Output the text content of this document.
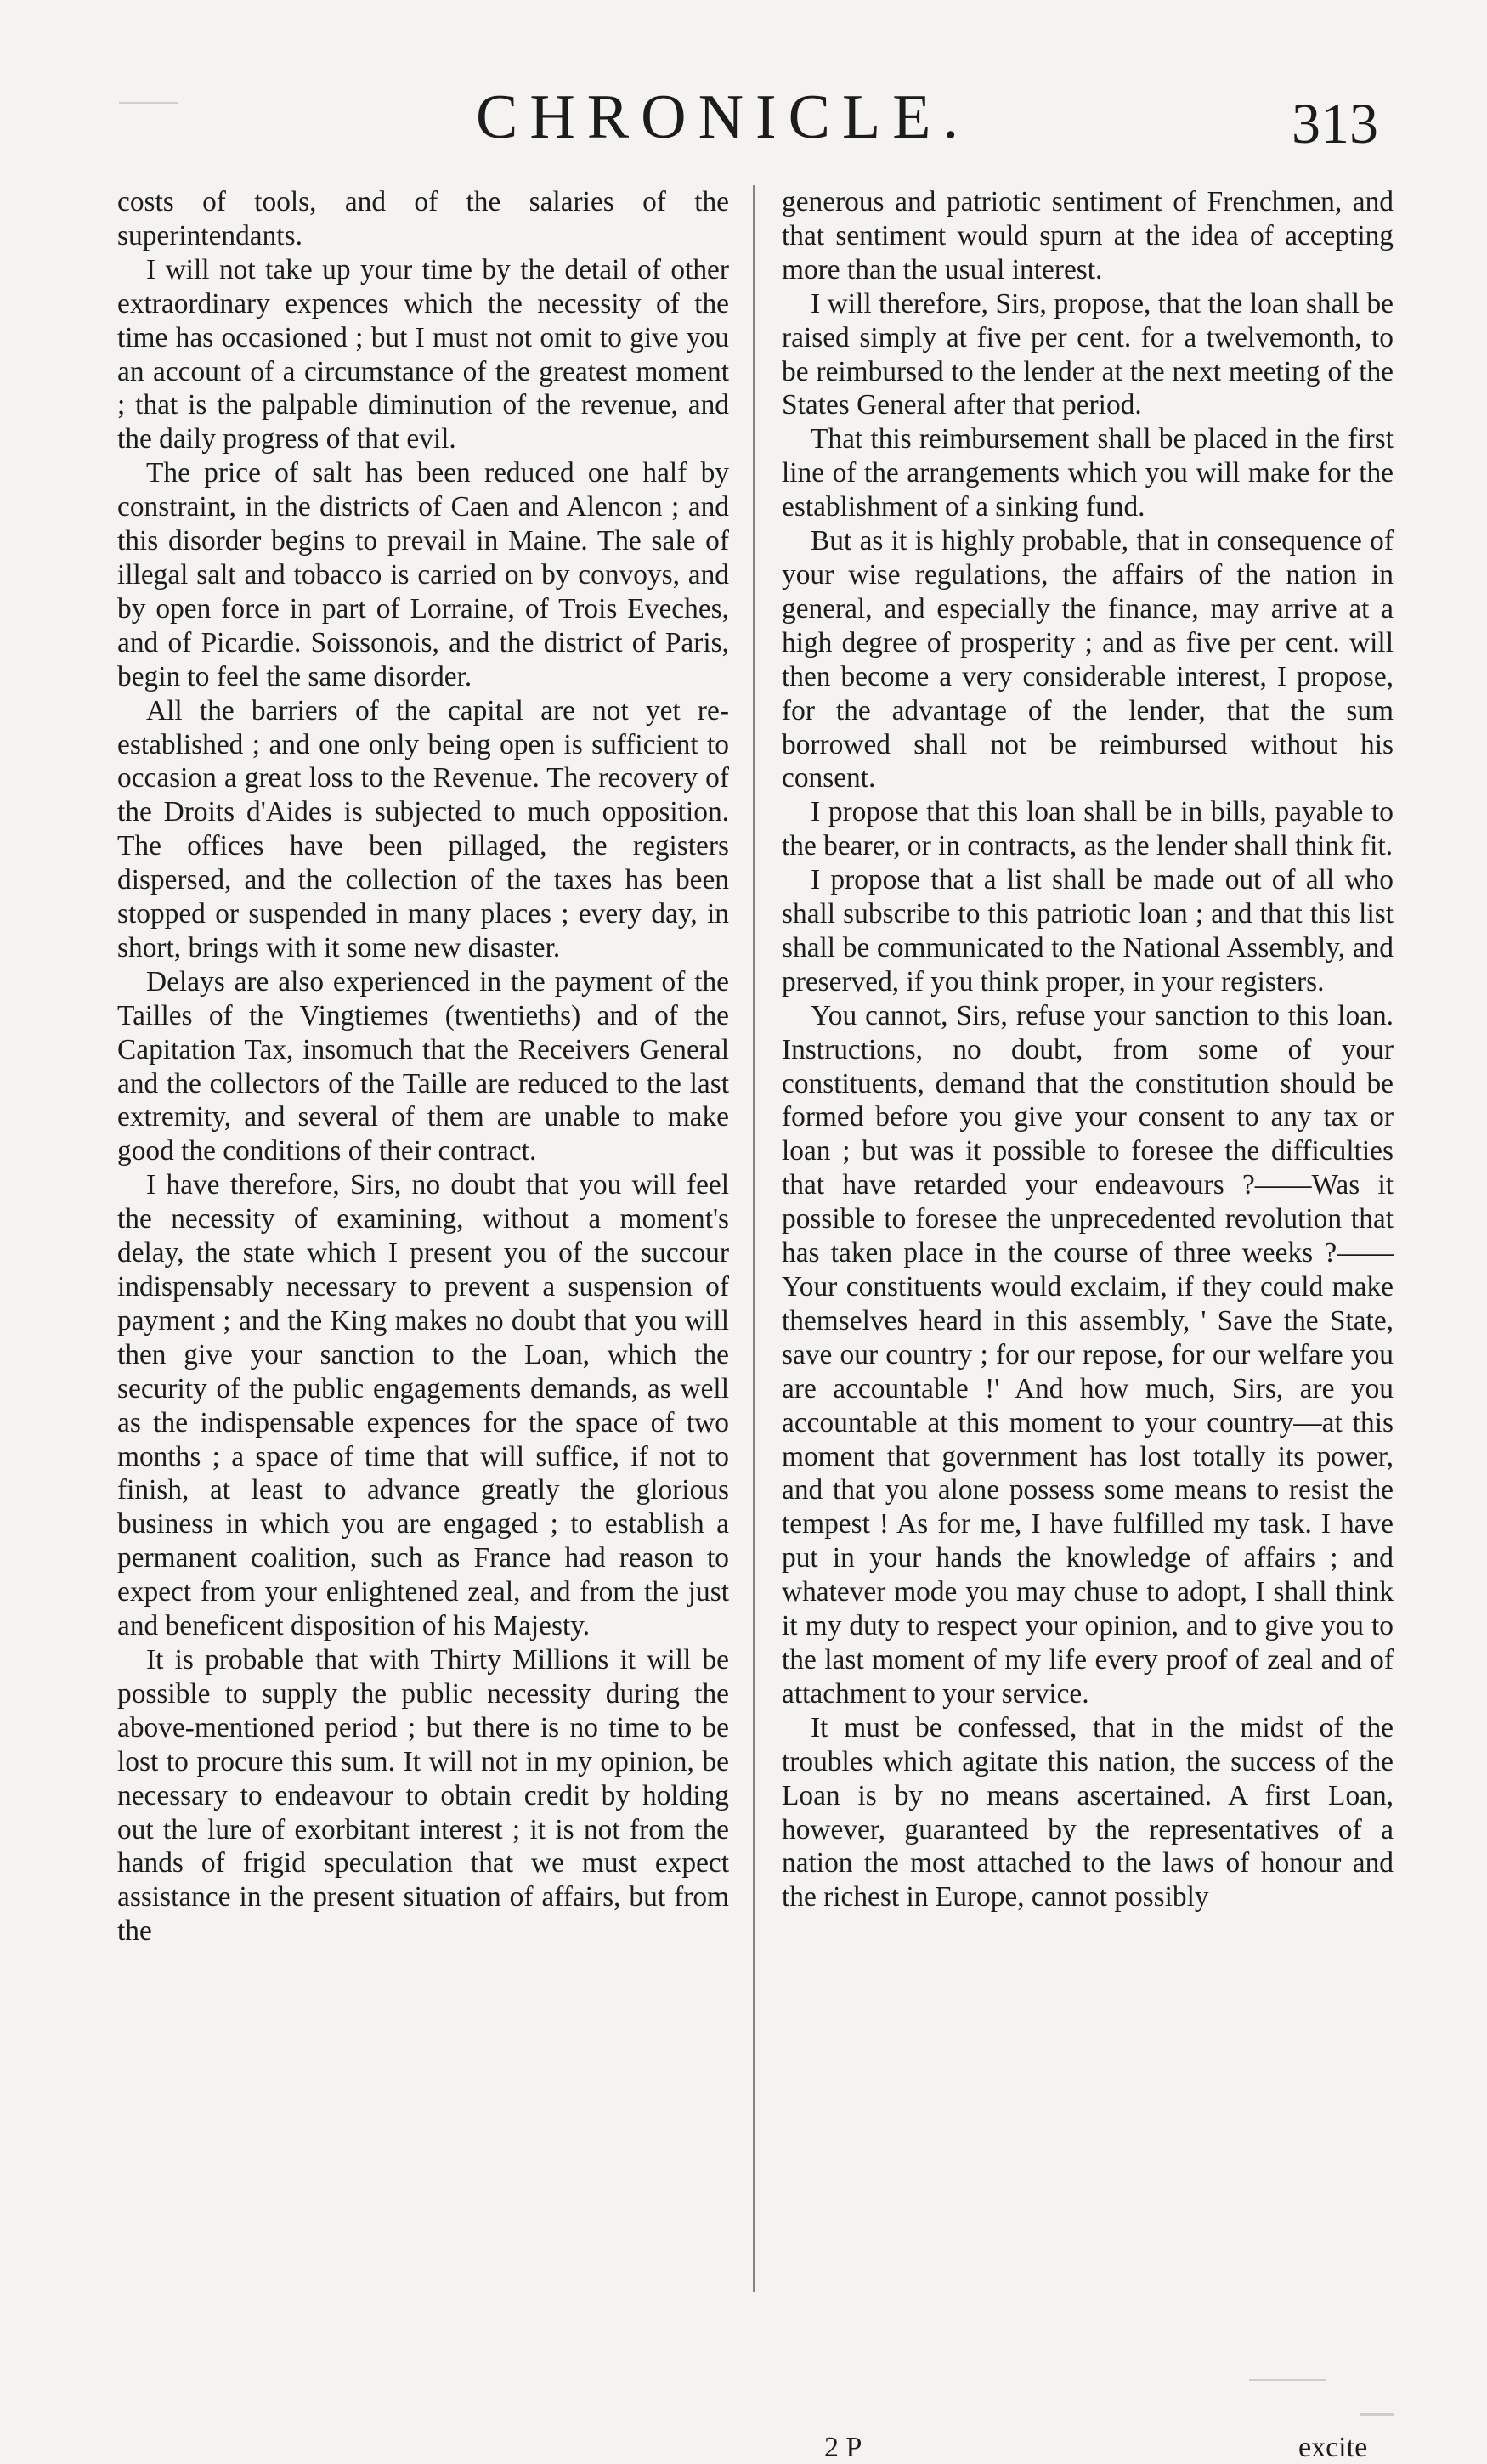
CHRONICLE.	313

costs of tools, and of the salaries of the superintendants.

I will not take up your time by the detail of other extraordinary expences which the necessity of the time has occasioned ; but I must not omit to give you an account of a circumstance of the greatest moment ; that is the palpable diminution of the revenue, and the daily progress of that evil.

The price of salt has been reduced one half by constraint, in the districts of Caen and Alencon ; and this disorder begins to prevail in Maine. The sale of illegal salt and tobacco is carried on by convoys, and by open force in part of Lorraine, of Trois Eveches, and of Picardie. Soissonois, and the district of Paris, begin to feel the same disorder.

All the barriers of the capital are not yet re-established ; and one only being open is sufficient to occasion a great loss to the Revenue. The recovery of the Droits d'Aides is subjected to much opposition. The offices have been pillaged, the registers dispersed, and the collection of the taxes has been stopped or suspended in many places ; every day, in short, brings with it some new disaster.

Delays are also experienced in the payment of the Tailles of the Vingtiemes (twentieths) and of the Capitation Tax, insomuch that the Receivers General and the collectors of the Taille are reduced to the last extremity, and several of them are unable to make good the conditions of their contract.

I have therefore, Sirs, no doubt that you will feel the necessity of examining, without a moment's delay, the state which I present you of the succour indispensably necessary to prevent a suspension of payment ; and the King makes no doubt that you will then give your sanction to the Loan, which the security of the public engagements demands, as well as the indispensable expences for the space of two months ; a space of time that will suffice, if not to finish, at least to advance greatly the glorious business in which you are engaged ; to establish a permanent coalition, such as France had reason to expect from your enlightened zeal, and from the just and beneficent disposition of his Majesty.

It is probable that with Thirty Millions it will be possible to supply the public necessity during the above-mentioned period ; but there is no time to be lost to procure this sum. It will not in my opinion, be necessary to endeavour to obtain credit by holding out the lure of exorbitant interest ; it is not from the hands of frigid speculation that we must expect assistance in the present situation of affairs, but from the

generous and patriotic sentiment of Frenchmen, and that sentiment would spurn at the idea of accepting more than the usual interest.

I will therefore, Sirs, propose, that the loan shall be raised simply at five per cent. for a twelvemonth, to be reimbursed to the lender at the next meeting of the States General after that period.

That this reimbursement shall be placed in the first line of the arrangements which you will make for the establishment of a sinking fund.

But as it is highly probable, that in consequence of your wise regulations, the affairs of the nation in general, and especially the finance, may arrive at a high degree of prosperity ; and as five per cent. will then become a very considerable interest, I propose, for the advantage of the lender, that the sum borrowed shall not be reimbursed without his consent.

I propose that this loan shall be in bills, payable to the bearer, or in contracts, as the lender shall think fit.

I propose that a list shall be made out of all who shall subscribe to this patriotic loan ; and that this list shall be communicated to the National Assembly, and preserved, if you think proper, in your registers.

You cannot, Sirs, refuse your sanction to this loan. Instructions, no doubt, from some of your constituents, demand that the constitution should be formed before you give your consent to any tax or loan ; but was it possible to foresee the difficulties that have retarded your endeavours ?——Was it possible to foresee the unprecedented revolution that has taken place in the course of three weeks ?——Your constituents would exclaim, if they could make themselves heard in this assembly, ' Save the State, save our country ; for our repose, for our welfare you are accountable !' And how much, Sirs, are you accountable at this moment to your country—at this moment that government has lost totally its power, and that you alone possess some means to resist the tempest ! As for me, I have fulfilled my task. I have put in your hands the knowledge of affairs ; and whatever mode you may chuse to adopt, I shall think it my duty to respect your opinion, and to give you to the last moment of my life every proof of zeal and of attachment to your service.

It must be confessed, that in the midst of the troubles which agitate this nation, the success of the Loan is by no means ascertained. A first Loan, however, guaranteed by the representatives of a nation the most attached to the laws of honour and the richest in Europe, cannot possibly

2 P	excite
